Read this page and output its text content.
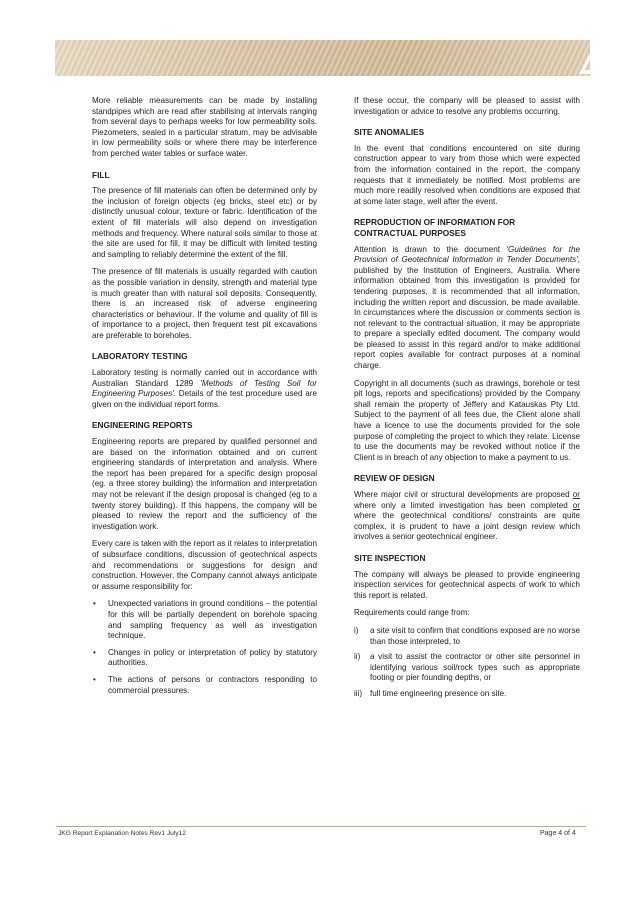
More reliable measurements can be made by installing standpipes which are read after stabilising at intervals ranging from several days to perhaps weeks for low permeability soils. Piezometers, sealed in a particular stratum, may be advisable in low permeability soils or where there may be interference from perched water tables or surface water.

FILL

The presence of fill materials can often be determined only by the inclusion of foreign objects (eg bricks, steel etc) or by distinctly unusual colour, texture or fabric. Identification of the extent of fill materials will also depend on investigation methods and frequency. Where natural soils similar to those at the site are used for fill, it may be difficult with limited testing and sampling to reliably determine the extent of the fill.

The presence of fill materials is usually regarded with caution as the possible variation in density, strength and material type is much greater than with natural soil deposits. Consequently, there is an increased risk of adverse engineering characteristics or behaviour. If the volume and quality of fill is of importance to a project, then frequent test pit excavations are preferable to boreholes.

LABORATORY TESTING

Laboratory testing is normally carried out in accordance with Australian Standard 1289 'Methods of Testing Soil for Engineering Purposes'. Details of the test procedure used are given on the individual report forms.

ENGINEERING REPORTS

Engineering reports are prepared by qualified personnel and are based on the information obtained and on current engineering standards of interpretation and analysis. Where the report has been prepared for a specific design proposal (eg. a three storey building) the information and interpretation may not be relevant if the design proposal is changed (eg to a twenty storey building). If this happens, the company will be pleased to review the report and the sufficiency of the investigation work.

Every care is taken with the report as it relates to interpretation of subsurface conditions, discussion of geotechnical aspects and recommendations or suggestions for design and construction. However, the Company cannot always anticipate or assume responsibility for:

• Unexpected variations in ground conditions – the potential for this will be partially dependent on borehole spacing and sampling frequency as well as investigation technique.
• Changes in policy or interpretation of policy by statutory authorities.
• The actions of persons or contractors responding to commercial pressures.

If these occur, the company will be pleased to assist with investigation or advice to resolve any problems occurring.

SITE ANOMALIES

In the event that conditions encountered on site during construction appear to vary from those which were expected from the information contained in the report, the company requests that it immediately be notified. Most problems are much more readily resolved when conditions are exposed that at some later stage, well after the event.

REPRODUCTION OF INFORMATION FOR
CONTRACTUAL PURPOSES

Attention is drawn to the document 'Guidelines for the Provision of Geotechnical Information in Tender Documents', published by the Institution of Engineers, Australia. Where information obtained from this investigation is provided for tendering purposes, it is recommended that all information, including the written report and discussion, be made available. In circumstances where the discussion or comments section is not relevant to the contractual situation, it may be appropriate to prepare a specially edited document. The company would be pleased to assist in this regard and/or to make additional report copies available for contract purposes at a nominal charge.

Copyright in all documents (such as drawings, borehole or test pit logs, reports and specifications) provided by the Company shall remain the property of Jeffery and Katauskas Pty Ltd. Subject to the payment of all fees due, the Client alone shall have a licence to use the documents provided for the sole purpose of completing the project to which they relate. License to use the documents may be revoked without notice if the Client is in breach of any objection to make a payment to us.

REVIEW OF DESIGN

Where major civil or structural developments are proposed or where only a limited investigation has been completed or where the geotechnical conditions/ constraints are quite complex, it is prudent to have a joint design review which involves a senior geotechnical engineer.

SITE INSPECTION

The company will always be pleased to provide engineering inspection services for geotechnical aspects of work to which this report is related.

Requirements could range from:

i) a site visit to confirm that conditions exposed are no worse than those interpreted, to
ii) a visit to assist the contractor or other site personnel in identifying various soil/rock types such as appropriate footing or pier founding depths, or
iii) full time engineering presence on site.
JKG Report Explanation Notes Rev1 July12	Page 4 of 4
